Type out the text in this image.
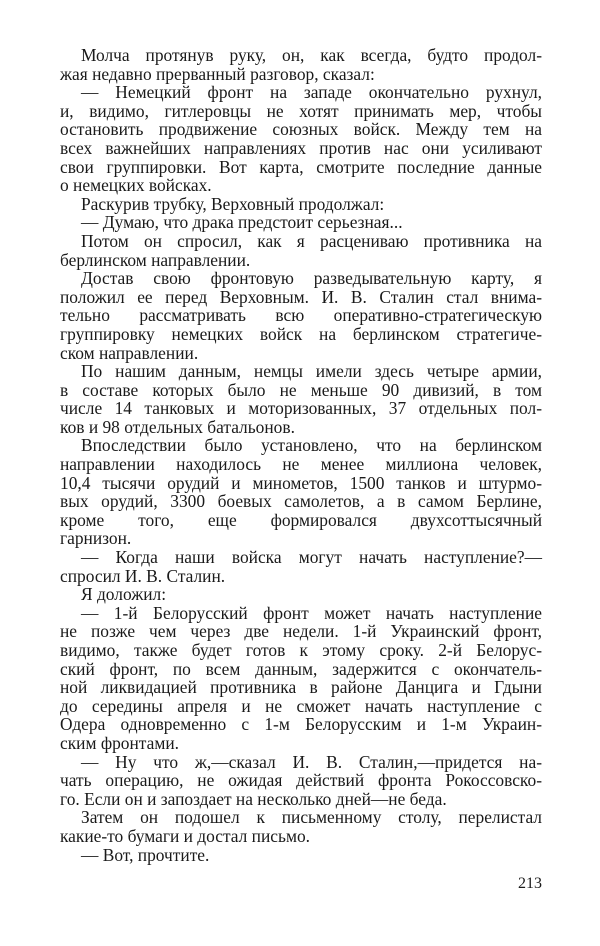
Молча протянув руку, он, как всегда, будто продол-
жая недавно прерванный разговор, сказал:
— Немецкий фронт на западе окончательно рухнул,
и, видимо, гитлеровцы не хотят принимать мер, чтобы
остановить продвижение союзных войск. Между тем на
всех важнейших направлениях против нас они усиливают
свои группировки. Вот карта, смотрите последние данные
о немецких войсках.
Раскурив трубку, Верховный продолжал:
— Думаю, что драка предстоит серьезная...
Потом он спросил, как я расцениваю противника на
берлинском направлении.
Достав свою фронтовую разведывательную карту, я
положил ее перед Верховным. И. В. Сталин стал внима-
тельно рассматривать всю оперативно-стратегическую
группировку немецких войск на берлинском стратегиче-
ском направлении.
По нашим данным, немцы имели здесь четыре армии,
в составе которых было не меньше 90 дивизий, в том
числе 14 танковых и моторизованных, 37 отдельных пол-
ков и 98 отдельных батальонов.
Впоследствии было установлено, что на берлинском
направлении находилось не менее миллиона человек,
10,4 тысячи орудий и минометов, 1500 танков и штурмо-
вых орудий, 3300 боевых самолетов, а в самом Берлине,
кроме того, еще формировался двухсоттысячный
гарнизон.
— Когда наши войска могут начать наступление?—
спросил И. В. Сталин.
Я доложил:
— 1-й Белорусский фронт может начать наступление
не позже чем через две недели. 1-й Украинский фронт,
видимо, также будет готов к этому сроку. 2-й Белорус-
ский фронт, по всем данным, задержится с окончатель-
ной ликвидацией противника в районе Данцига и Гдыни
до середины апреля и не сможет начать наступление с
Одера одновременно с 1-м Белорусским и 1-м Украин-
ским фронтами.
— Ну что ж,—сказал И. В. Сталин,—придется на-
чать операцию, не ожидая действий фронта Рокоссовско-
го. Если он и запоздает на несколько дней—не беда.
Затем он подошел к письменному столу, перелистал
какие-то бумаги и достал письмо.
— Вот, прочтите.
213
